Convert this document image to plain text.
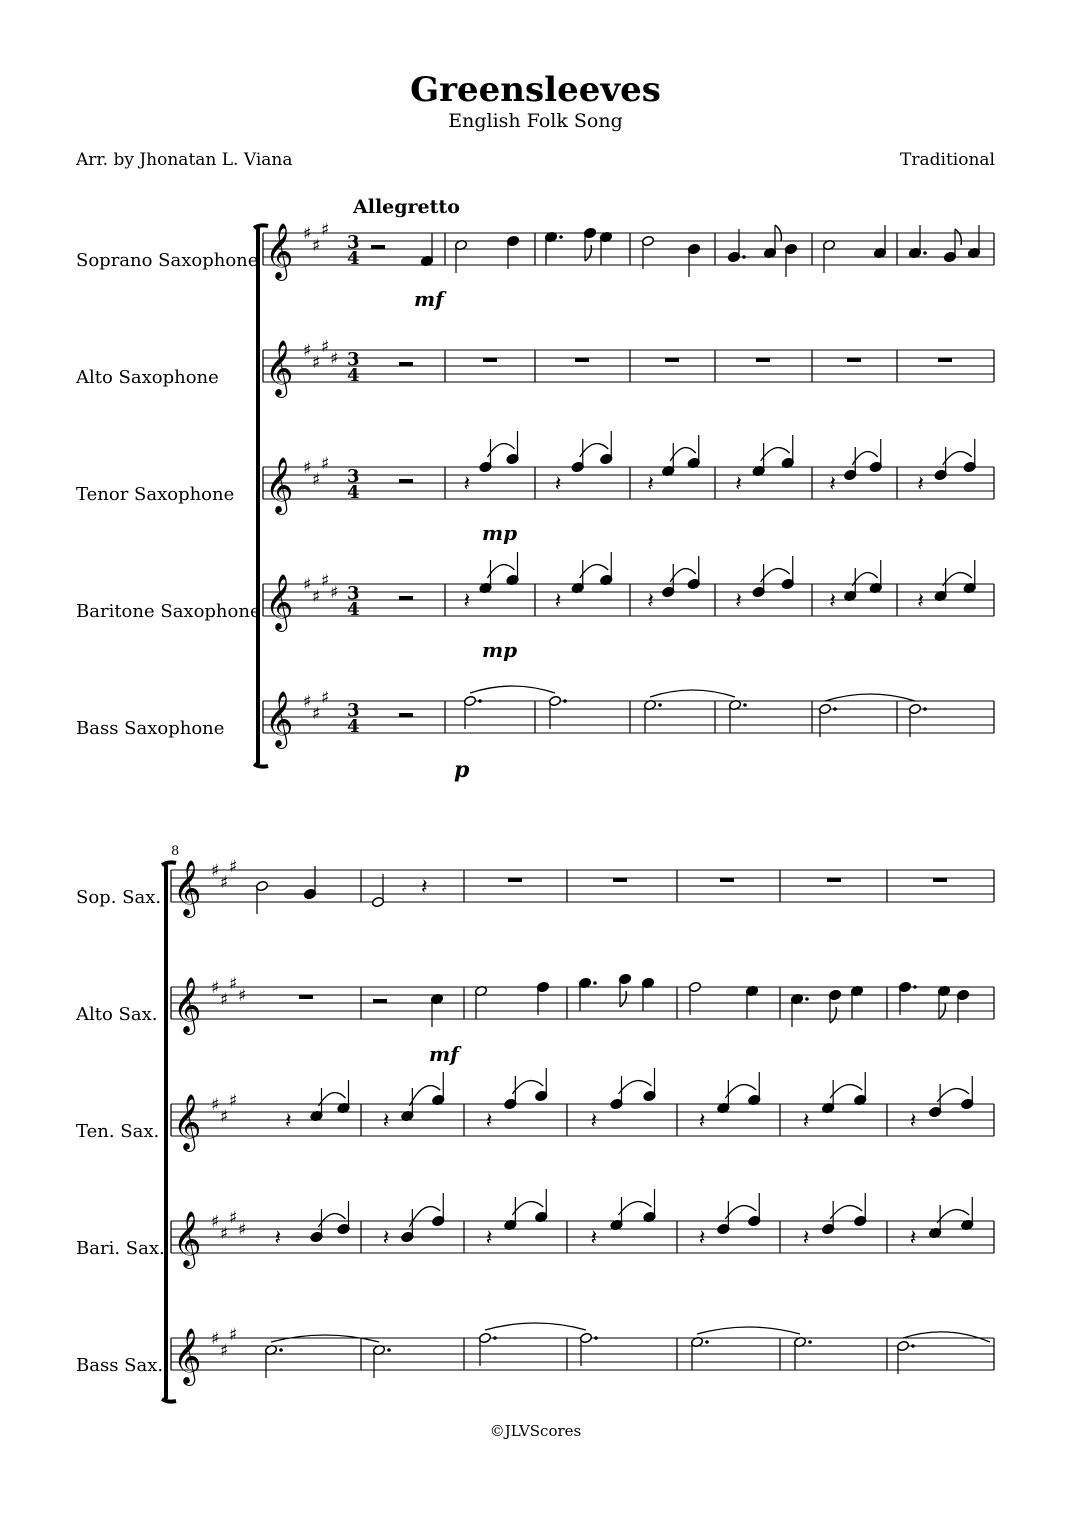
Greensleeves
English Folk Song
Arr. by Jhonatan L. Viana	Traditional
Allegretto
Soprano Saxophone
Alto Saxophone
Tenor Saxophone
Baritone Saxophone
Bass Saxophone
Sop. Sax.
Alto Sax.
Ten. Sax.
Bari. Sax.
Bass Sax.
©JLVScores
𝄞 ♯
♯
♯
3
4
𝄞 ♯
♯
♯
♯ 3
4
𝄞 ♯
♯
♯
3
4
𝄞 ♯
♯
♯
♯ 3
4
𝄞 ♯
♯
♯
3
4
𝄞 ♯
♯
♯
𝄞 ♯
♯
♯
♯
𝄞 ♯
♯
♯
𝄞 ♯
♯
♯
♯
𝄞 ♯
♯
♯
𝄽	𝄽	𝄽	𝄽	𝄽	𝄽
𝄽	𝄽	𝄽	𝄽	𝄽	𝄽
𝄽
𝄽	𝄽	𝄽	𝄽	𝄽	𝄽	𝄽
𝄽	𝄽	𝄽	𝄽	𝄽	𝄽	𝄽
mf
mp
mp
p
mf
8
